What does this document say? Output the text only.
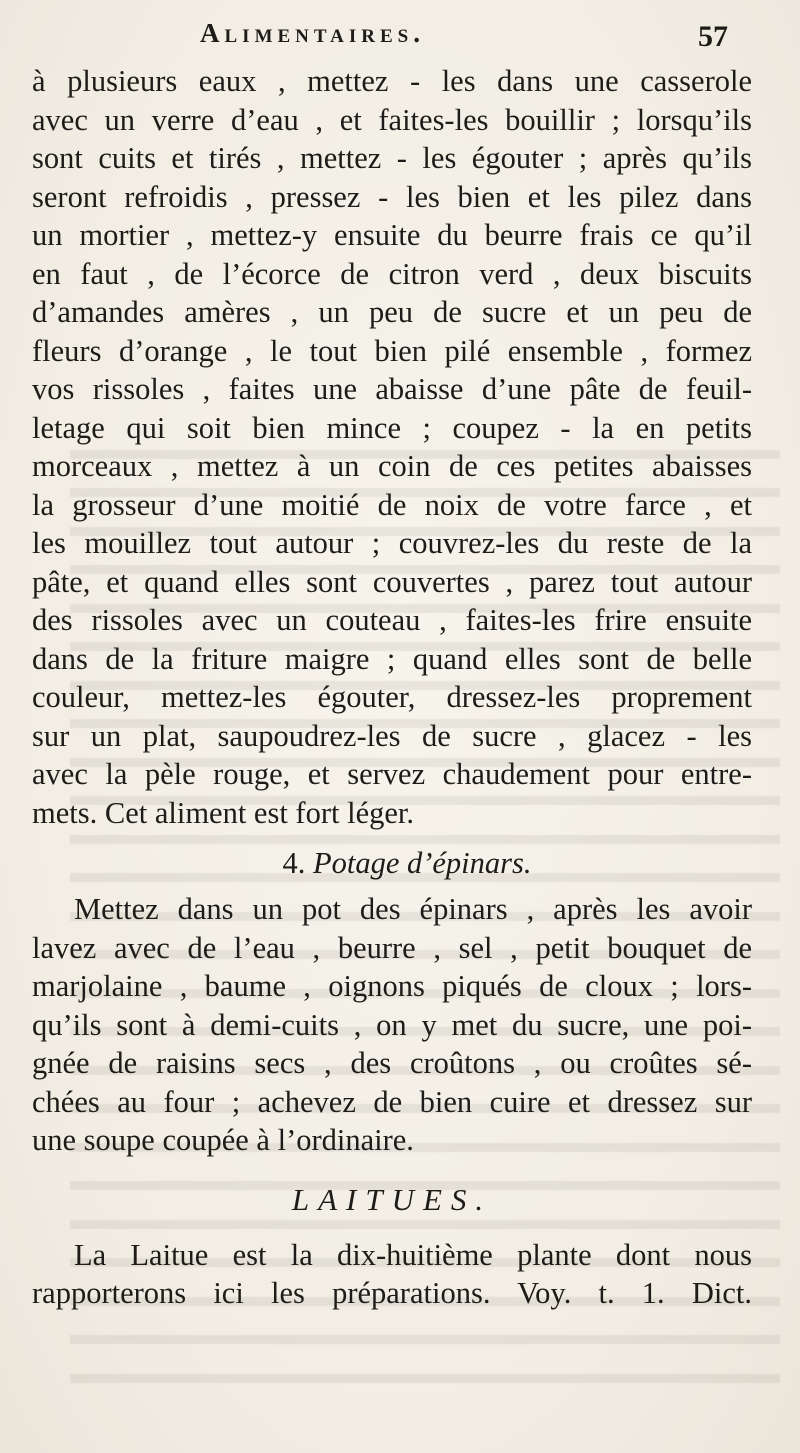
Alimentaires.	57
à plusieurs eaux , mettez - les dans une casserole
avec un verre d’eau , et faites-les bouillir ; lorsqu’ils
sont cuits et tirés , mettez - les égouter ; après qu’ils
seront refroidis , pressez - les bien et les pilez dans
un mortier , mettez-y ensuite du beurre frais ce qu’il
en faut , de l’écorce de citron verd , deux biscuits
d’amandes amères , un peu de sucre et un peu de
fleurs d’orange , le tout bien pilé ensemble , formez
vos rissoles , faites une abaisse d’une pâte de feuil-
letage qui soit bien mince ; coupez - la en petits
morceaux , mettez à un coin de ces petites abaisses
la grosseur d’une moitié de noix de votre farce , et
les mouillez tout autour ; couvrez-les du reste de la
pâte, et quand elles sont couvertes , parez tout autour
des rissoles avec un couteau , faites-les frire ensuite
dans de la friture maigre ; quand elles sont de belle
couleur, mettez-les égouter, dressez-les proprement
sur un plat, saupoudrez-les de sucre , glacez - les
avec la pèle rouge, et servez chaudement pour entre-
mets. Cet aliment est fort léger.
4. Potage d’épinars.
Mettez dans un pot des épinars , après les avoir
lavez avec de l’eau , beurre , sel , petit bouquet de
marjolaine , baume , oignons piqués de cloux ; lors-
qu’ils sont à demi-cuits , on y met du sucre, une poi-
gnée de raisins secs , des croûtons , ou croûtes sé-
chées au four ; achevez de bien cuire et dressez sur
une soupe coupée à l’ordinaire.
LAITUES.
La Laitue est la dix-huitième plante dont nous
rapporterons ici les préparations. Voy. t. 1. Dict.
